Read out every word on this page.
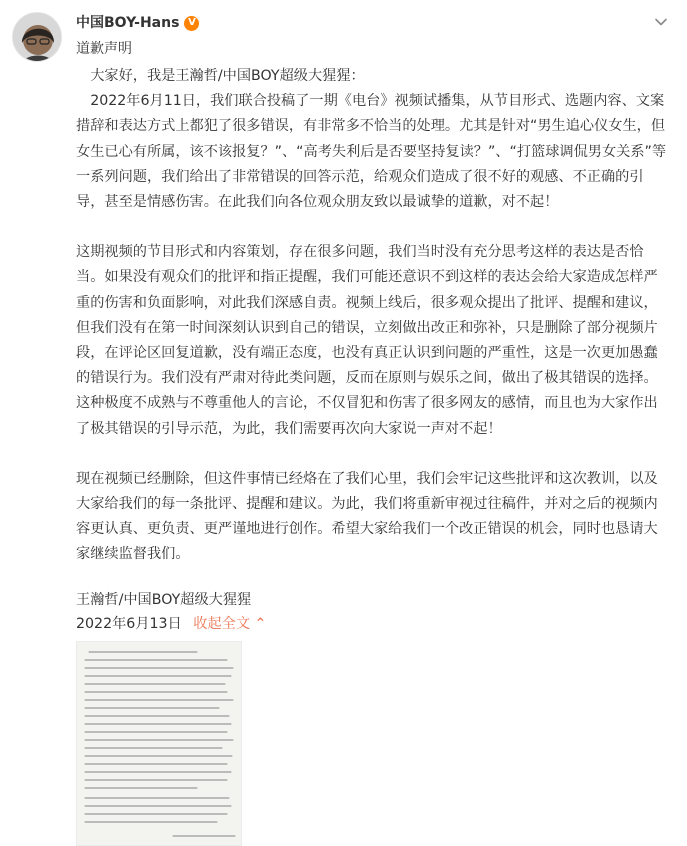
中国BOY-Hans V
道歉声明

　大家好，我是王瀚哲/中国BOY超级大猩猩：

　2022年6月11日，我们联合投稿了一期《电台》视频试播集，从节目形式、选题内容、文案措辞和表达方式上都犯了很多错误，有非常多不恰当的处理。尤其是针对“男生追心仪女生，但女生已心有所属，该不该报复？”、“高考失利后是否要坚持复读？”、“打篮球调侃男女关系”等一系列问题，我们给出了非常错误的回答示范，给观众们造成了很不好的观感、不正确的引导，甚至是情感伤害。在此我们向各位观众朋友致以最诚挚的道歉，对不起！

这期视频的节目形式和内容策划，存在很多问题，我们当时没有充分思考这样的表达是否恰当。如果没有观众们的批评和指正提醒，我们可能还意识不到这样的表达会给大家造成怎样严重的伤害和负面影响，对此我们深感自责。视频上线后，很多观众提出了批评、提醒和建议，但我们没有在第一时间深刻认识到自己的错误，立刻做出改正和弥补，只是删除了部分视频片段，在评论区回复道歉，没有端正态度，也没有真正认识到问题的严重性，这是一次更加愚蠢的错误行为。我们没有严肃对待此类问题，反而在原则与娱乐之间，做出了极其错误的选择。这种极度不成熟与不尊重他人的言论，不仅冒犯和伤害了很多网友的感情，而且也为大家作出了极其错误的引导示范，为此，我们需要再次向大家说一声对不起！

现在视频已经删除，但这件事情已经烙在了我们心里，我们会牢记这些批评和这次教训，以及大家给我们的每一条批评、提醒和建议。为此，我们将重新审视过往稿件，并对之后的视频内容更认真、更负责、更严谨地进行创作。希望大家给我们一个改正错误的机会，同时也恳请大家继续监督我们。

王瀚哲/中国BOY超级大猩猩
2022年6月13日 收起全文 ⌃
